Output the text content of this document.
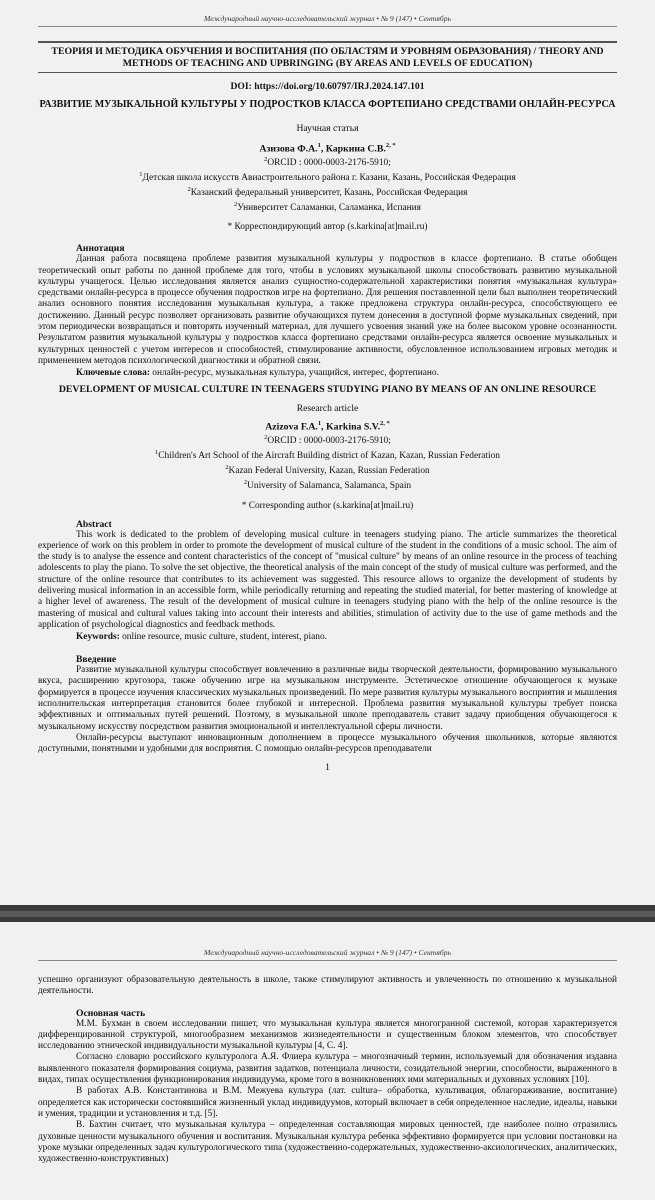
Международный научно-исследовательский журнал • № 9 (147) • Сентябрь
ТЕОРИЯ И МЕТОДИКА ОБУЧЕНИЯ И ВОСПИТАНИЯ (ПО ОБЛАСТЯМ И УРОВНЯМ ОБРАЗОВАНИЯ) / THEORY AND METHODS OF TEACHING AND UPBRINGING (BY AREAS AND LEVELS OF EDUCATION)
DOI: https://doi.org/10.60797/IRJ.2024.147.101
РАЗВИТИЕ МУЗЫКАЛЬНОЙ КУЛЬТУРЫ У ПОДРОСТКОВ КЛАССА ФОРТЕПИАНО СРЕДСТВАМИ ОНЛАЙН-РЕСУРСА
Научная статья
Азизова Ф.А.$^1$, Каркина С.В.$^{2, *}$
$^2$ORCID : 0000-0003-2176-5910;
$^1$Детская школа искусств Авиастроительного района г. Казани, Казань, Российская Федерация
$^2$Казанский федеральный университет, Казань, Российская Федерация
$^2$Университет Саламанки, Саламанка, Испания
* Корреспондирующий автор (s.karkina[at]mail.ru)
Аннотация

Данная работа посвящена проблеме развития музыкальной культуры у подростков в классе фортепиано. В статье обобщен теоретический опыт работы по данной проблеме для того, чтобы в условиях музыкальной школы способствовать развитию музыкальной культуры учащегося. Целью исследования является анализ сущностно-содержательной характеристики понятия «музыкальная культура» средствами онлайн-ресурса в процессе обучения подростков игре на фортепиано. Для решения поставленной цели был выполнен теоретический анализ основного понятия исследования музыкальная культура, а также предложена структура онлайн-ресурса, способствующего ее достижению. Данный ресурс позволяет организовать развитие обучающихся путем донесения в доступной форме музыкальных сведений, при этом периодически возвращаться и повторять изученный материал, для лучшего усвоения знаний уже на более высоком уровне осознанности. Результатом развития музыкальной культуры у подростков класса фортепиано средствами онлайн-ресурса является освоение музыкальных и культурных ценностей с учетом интересов и способностей, стимулирование активности, обусловленное использованием игровых методик и применением методов психологической диагностики и обратной связи.

Ключевые слова: онлайн-ресурс, музыкальная культура, учащийся, интерес, фортепиано.
DEVELOPMENT OF MUSICAL CULTURE IN TEENAGERS STUDYING PIANO BY MEANS OF AN ONLINE RESOURCE
Research article
Azizova F.A.$^1$, Karkina S.V.$^{2, *}$
$^2$ORCID : 0000-0003-2176-5910;
$^1$Children's Art School of the Aircraft Building district of Kazan, Kazan, Russian Federation
$^2$Kazan Federal University, Kazan, Russian Federation
$^2$University of Salamanca, Salamanca, Spain
* Corresponding author (s.karkina[at]mail.ru)
Abstract

This work is dedicated to the problem of developing musical culture in teenagers studying piano. The article summarizes the theoretical experience of work on this problem in order to promote the development of musical culture of the student in the conditions of a music school. The aim of the study is to analyse the essence and content characteristics of the concept of "musical culture" by means of an online resource in the process of teaching adolescents to play the piano. To solve the set objective, the theoretical analysis of the main concept of the study of musical culture was performed, and the structure of the online resource that contributes to its achievement was suggested. This resource allows to organize the development of students by delivering musical information in an accessible form, while periodically returning and repeating the studied material, for better mastering of knowledge at a higher level of awareness. The result of the development of musical culture in teenagers studying piano with the help of the online resource is the mastering of musical and cultural values taking into account their interests and abilities, stimulation of activity due to the use of game methods and the application of psychological diagnostics and feedback methods.

Keywords: online resource, music culture, student, interest, piano.
Введение

Развитие музыкальной культуры способствует вовлечению в различные виды творческой деятельности, формированию музыкального вкуса, расширению кругозора, также обучению игре на музыкальном инструменте. Эстетическое отношение обучающегося к музыке формируется в процессе изучения классических музыкальных произведений. По мере развития культуры музыкального восприятия и мышления исполнительская интерпретация становится более глубокой и интересной. Проблема развития музыкальной культуры требует поиска эффективных и оптимальных путей решений. Поэтому, в музыкальной школе преподаватель ставит задачу приобщения обучающегося к музыкальному искусству посредством развития эмоциональной и интеллектуальной сферы личности.

Онлайн-ресурсы выступают инновационным дополнением в процессе музыкального обучения школьников, которые являются доступными, понятными и удобными для восприятия. С помощью онлайн-ресурсов преподаватели

1
Международный научно-исследовательский журнал • № 9 (147) • Сентябрь

успешно организуют образовательную деятельность в школе, также стимулируют активность и увлеченность по отношению к музыкальной деятельности.

Основная часть

М.М. Бухман в своем исследовании пишет, что музыкальная культура является многогранной системой, которая характеризуется дифференцированной структурой, многообразием механизмов жизнедеятельности и существенным блоком элементов, что способствует исследованию этнической индивидуальности музыкальной культуры [4, С. 4].

Согласно словарю российского культуролога А.Я. Флиера культура – многозначный термин, используемый для обозначения издавна выявленного показателя формирования социума, развития задатков, потенциала личности, созидательной энергии, способности, выраженного в видах, типах осуществления функционирования индивидуума, кроме того в возникновениях ими материальных и духовных условиях [10].

В работах А.В. Константинова и В.М. Межуева культура (лат. cultura– обработка, культивация, облагораживание, воспитание) определяется как исторически состоявшийся жизненный уклад индивидуумов, который включает в себя определенное наследие, идеалы, навыки и умения, традиции и установления и т.д. [5].

В. Бахтин считает, что музыкальная культура – определенная составляющая мировых ценностей, где наиболее полно отразились духовные ценности музыкального обучения и воспитания. Музыкальная культура ребенка эффективно формируется при условии постановки на уроке музыки определенных задач культурологического типа (художественно-содержательных, художественно-аксиологических, аналитических, художественно-конструктивных)
